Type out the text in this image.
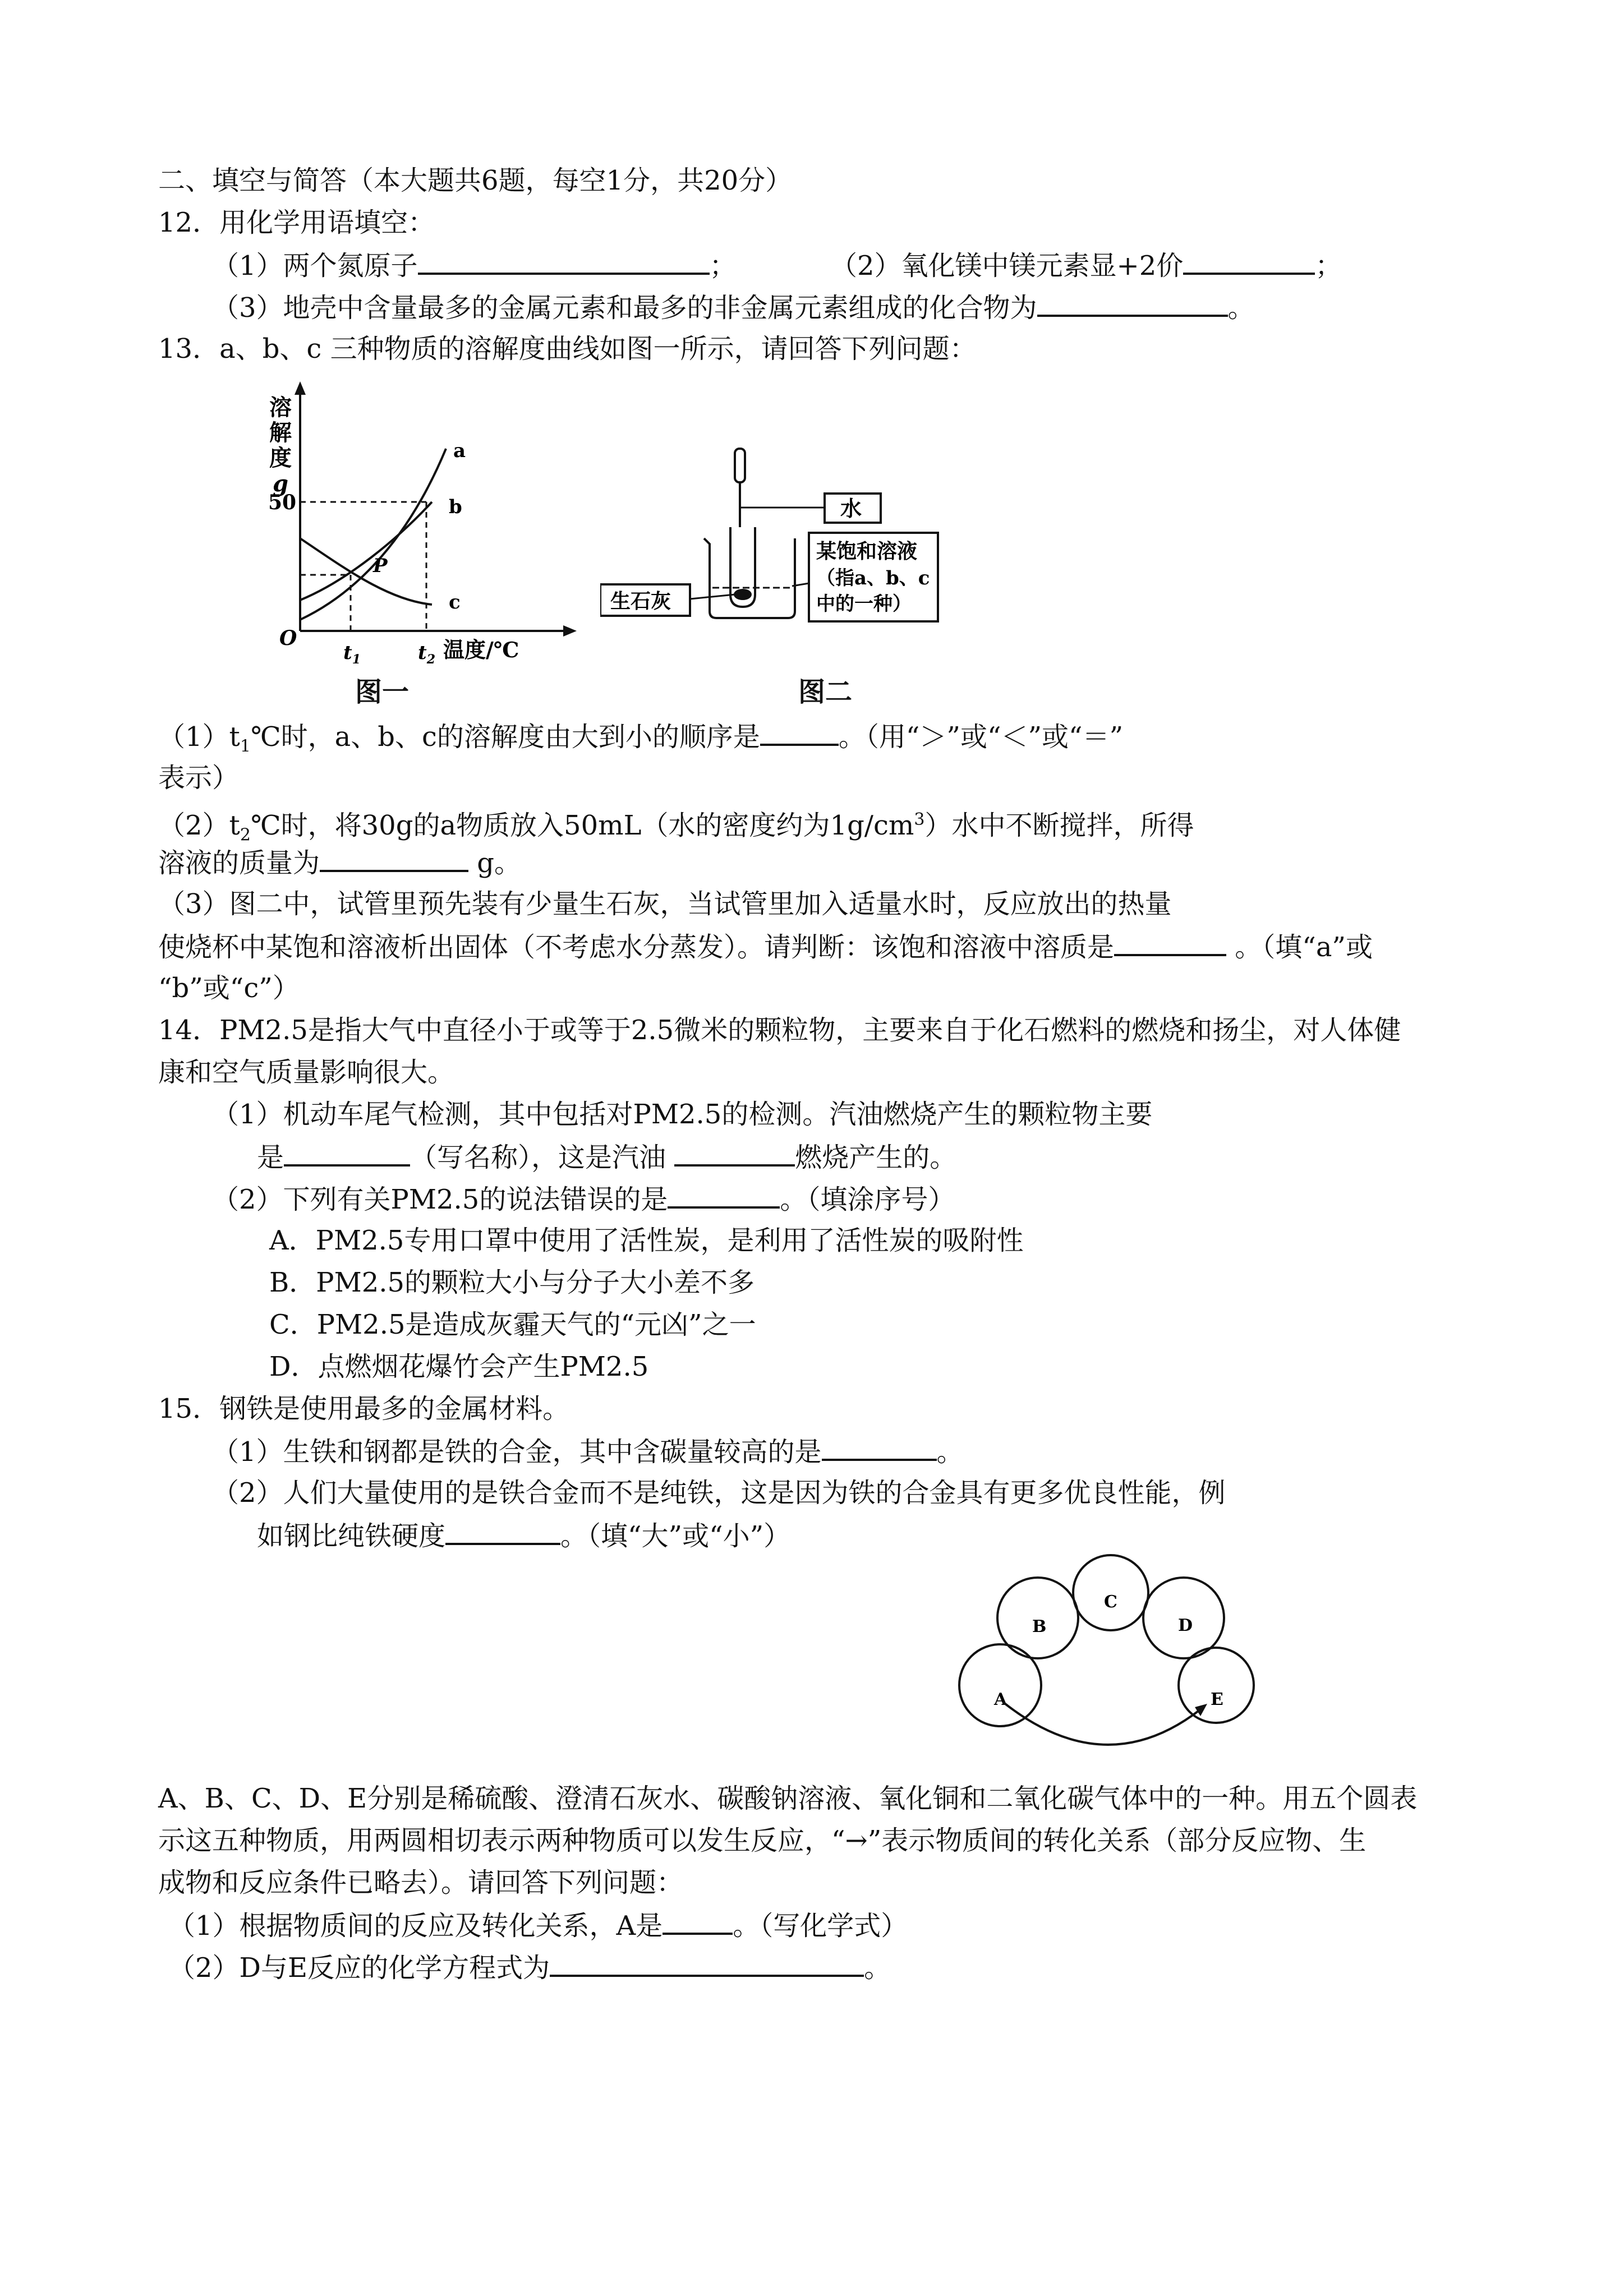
二、填空与简答（本大题共6题，每空1分，共20分）
12．用化学用语填空：
（1）两个氮原子	；	（2）氧化镁中镁元素显+2价	；
（3）地壳中含量最多的金属元素和最多的非金属元素组成的化合物为	。
13．a、b、c 三种物质的溶解度曲线如图一所示，请回答下列问题：
溶
解
度
g
50
O
$t_1$	$t_2$ 温度/℃
a
b
c
P
图一
水
生石灰
某饱和溶液
（指a、b、c
中的一种）
图二
$(1)t_1℃$时，a、b、c的溶解度由大到小的顺序是	。（用“＞”或“＜”或“＝”
表示）
$(2)t_2℃$时，将30g的a物质放入50mL（水的密度约为$1g/cm^3$）水中不断搅拌，所得
溶液的质量为	g。
（3）图二中，试管里预先装有少量生石灰，当试管里加入适量水时，反应放出的热量
使烧杯中某饱和溶液析出固体（不考虑水分蒸发）。请判断：该饱和溶液中溶质是	。（填“a”或
“b”或“c”）
14．PM2.5是指大气中直径小于或等于2.5微米的颗粒物，主要来自于化石燃料的燃烧和扬尘，对人体健
康和空气质量影响很大。
（1）机动车尾气检测，其中包括对PM2.5的检测。汽油燃烧产生的颗粒物主要
是	（写名称），这是汽油	燃烧产生的。
（2）下列有关PM2.5的说法错误的是	。（填涂序号）
A．PM2.5专用口罩中使用了活性炭，是利用了活性炭的吸附性
B．PM2.5的颗粒大小与分子大小差不多
C．PM2.5是造成灰霾天气的“元凶”之一
D．点燃烟花爆竹会产生PM2.5
15．钢铁是使用最多的金属材料。
（1）生铁和钢都是铁的合金，其中含碳量较高的是	。
（2）人们大量使用的是铁合金而不是纯铁，这是因为铁的合金具有更多优良性能，例
如钢比纯铁硬度	。（填“大”或“小”）
A
B
C
D
E
A、B、C、D、E分别是稀硫酸、澄清石灰水、碳酸钠溶液、氧化铜和二氧化碳气体中的一种。用五个圆表
示这五种物质，用两圆相切表示两种物质可以发生反应，“→”表示物质间的转化关系（部分反应物、生
成物和反应条件已略去）。请回答下列问题：
（1）根据物质间的反应及转化关系，A是	。（写化学式）
（2）D与E反应的化学方程式为	。
